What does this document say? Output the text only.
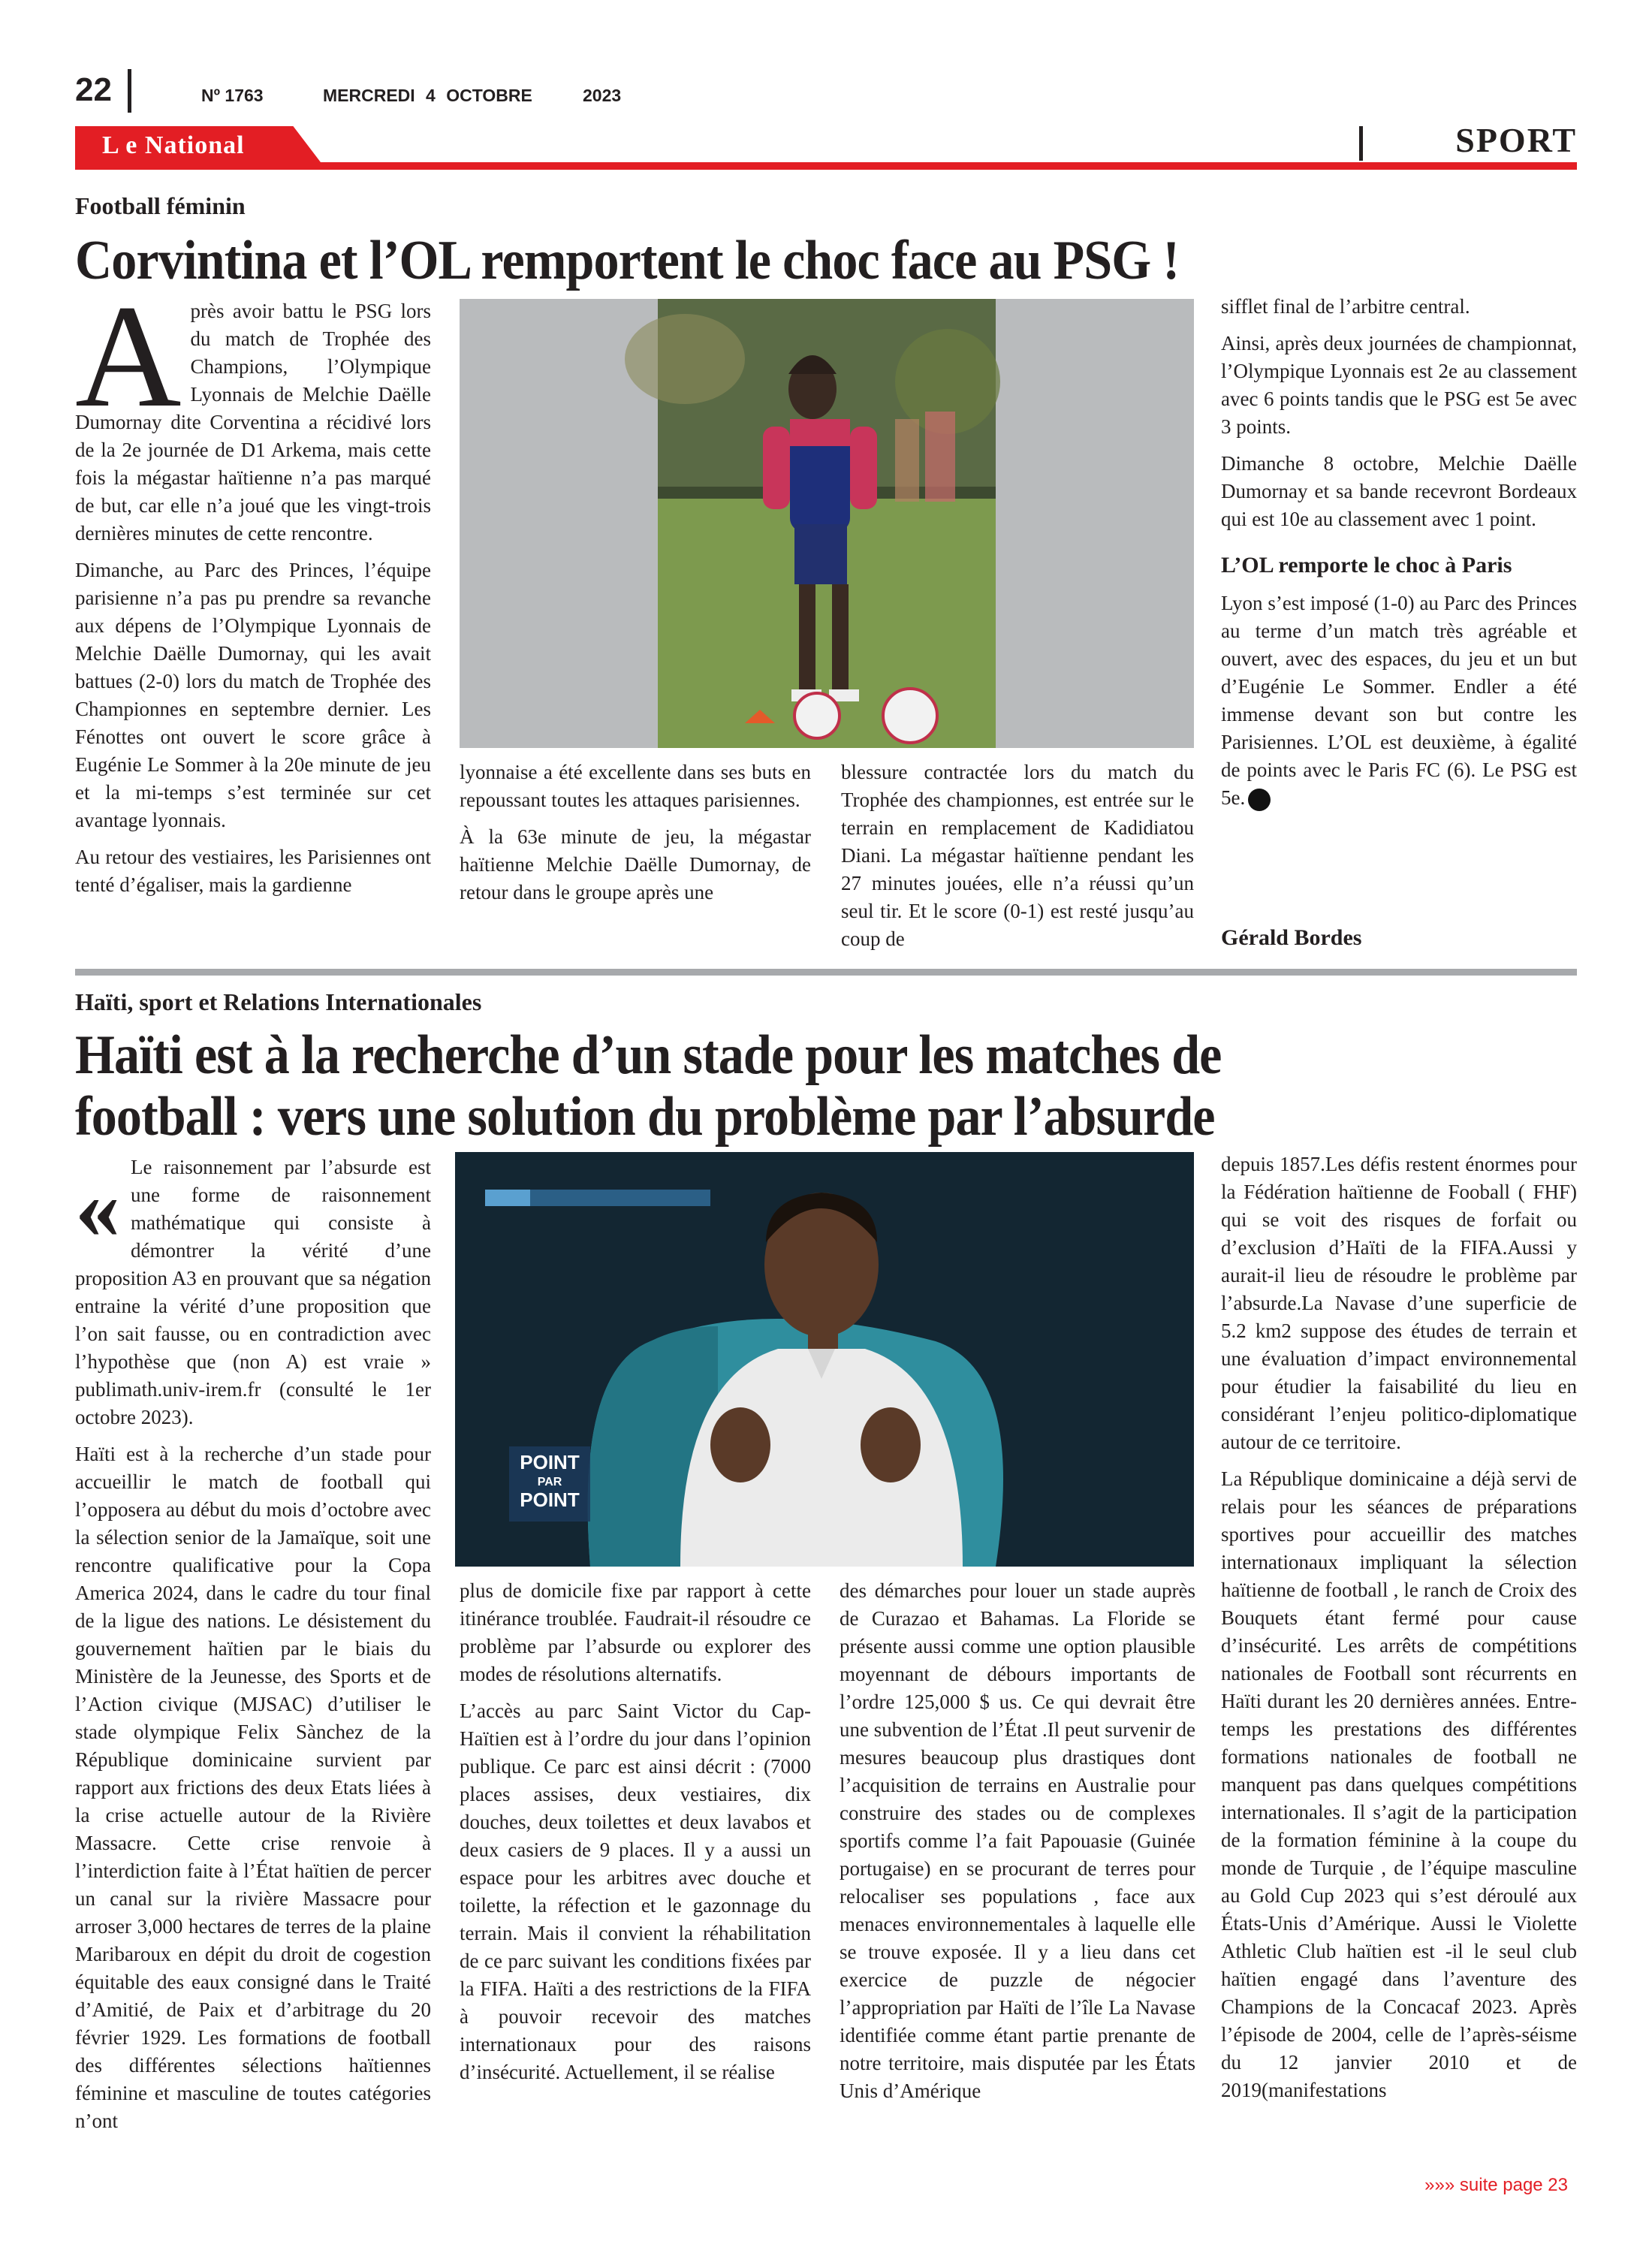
22	Nº 1763	MERCREDI 4 OCTOBRE	2023
L e National	SPORT
Football féminin
Corvintina et l’OL remportent le choc face au PSG !
A près avoir battu le PSG lors du match de Trophée des Champions, l’Olympique Lyonnais de Melchie Daëlle Dumornay dite Corventina a récidivé lors de la 2e journée de D1 Arkema, mais cette fois la mégastar haïtienne n’a pas marqué de but, car elle n’a joué que les vingt-trois dernières minutes de cette rencontre.

Dimanche, au Parc des Princes, l’équipe parisienne n’a pas pu prendre sa revanche aux dépens de l’Olympique Lyonnais de Melchie Daëlle Dumornay, qui les avait battues (2-0) lors du match de Trophée des Championnes en septembre dernier. Les Fénottes ont ouvert le score grâce à Eugénie Le Sommer à la 20e minute de jeu et la mi-temps s’est terminée sur cet avantage lyonnais.

Au retour des vestiaires, les Parisiennes ont tenté d’égaliser, mais la gardienne

lyonnaise a été excellente dans ses buts en repoussant toutes les attaques parisiennes.

À la 63e minute de jeu, la mégastar haïtienne Melchie Daëlle Dumornay, de retour dans le groupe après une

blessure contractée lors du match du Trophée des championnes, est entrée sur le terrain en remplacement de Kadidiatou Diani. La mégastar haïtienne pendant les 27 minutes jouées, elle n’a réussi qu’un seul tir. Et le score (0-1) est resté jusqu’au coup de

sifflet final de l’arbitre central.

Ainsi, après deux journées de championnat, l’Olympique Lyonnais est 2e au classement avec 6 points tandis que le PSG est 5e avec 3 points.

Dimanche 8 octobre, Melchie Daëlle Dumornay et sa bande recevront Bordeaux qui est 10e au classement avec 1 point.

L’OL remporte le choc à Paris

Lyon s’est imposé (1-0) au Parc des Princes au terme d’un match très agréable et ouvert, avec des espaces, du jeu et un but d’Eugénie Le Sommer. Endler a été immense devant son but contre les Parisiennes. L’OL est deuxième, à égalité de points avec le Paris FC (6). Le PSG est 5e.

Gérald Bordes
Haïti, sport et Relations Internationales
Haïti est à la recherche d’un stade pour les matches de
football : vers une solution du problème par l’absurde
« Le raisonnement par l’absurde est une forme de raisonnement mathématique qui consiste à démontrer la vérité d’une proposition A3 en prouvant que sa négation entraine la vérité d’une proposition que l’on sait fausse, ou en contradiction avec l’hypothèse que (non A) est vraie » publimath.univ-irem.fr (consulté le 1er octobre 2023).

Haïti est à la recherche d’un stade pour accueillir le match de football qui l’opposera au début du mois d’octobre avec la sélection senior de la Jamaïque, soit une rencontre qualificative pour la Copa America 2024, dans le cadre du tour final de la ligue des nations. Le désistement du gouvernement haïtien par le biais du Ministère de la Jeunesse, des Sports et de l’Action civique (MJSAC) d’utiliser le stade olympique Felix Sànchez de la République dominicaine survient par rapport aux frictions des deux Etats liées à la crise actuelle autour de la Rivière Massacre. Cette crise renvoie à l’interdiction faite à l’État haïtien de percer un canal sur la rivière Massacre pour arroser 3,000 hectares de terres de la plaine Maribaroux en dépit du droit de cogestion équitable des eaux consigné dans le Traité d’Amitié, de Paix et d’arbitrage du 20 février 1929. Les formations de football des différentes sélections haïtiennes féminine et masculine de toutes catégories n’ont

POINT
PAR
POINT

plus de domicile fixe par rapport à cette itinérance troublée. Faudrait-il résoudre ce problème par l’absurde ou explorer des modes de résolutions alternatifs.

L’accès au parc Saint Victor du Cap-Haïtien est à l’ordre du jour dans l’opinion publique. Ce parc est ainsi décrit : (7000 places assises, deux vestiaires, dix douches, deux toilettes et deux lavabos et deux casiers de 9 places. Il y a aussi un espace pour les arbitres avec douche et toilette, la réfection et le gazonnage du terrain. Mais il convient la réhabilitation de ce parc suivant les conditions fixées par la FIFA. Haïti a des restrictions de la FIFA à pouvoir recevoir des matches internationaux pour des raisons d’insécurité. Actuellement, il se réalise

des démarches pour louer un stade auprès de Curazao et Bahamas. La Floride se présente aussi comme une option plausible moyennant de débours importants de l’ordre 125,000 $ us. Ce qui devrait être une subvention de l’État .Il peut survenir de mesures beaucoup plus drastiques dont l’acquisition de terrains en Australie pour construire des stades ou de complexes sportifs comme l’a fait Papouasie (Guinée portugaise) en se procurant de terres pour relocaliser ses populations , face aux menaces environnementales à laquelle elle se trouve exposée. Il y a lieu dans cet exercice de puzzle de négocier l’appropriation par Haïti de l’île La Navase identifiée comme étant partie prenante de notre territoire, mais disputée par les États Unis d’Amérique

depuis 1857.Les défis restent énormes pour la Fédération haïtienne de Fooball ( FHF) qui se voit des risques de forfait ou d’exclusion d’Haïti de la FIFA.Aussi y aurait-il lieu de résoudre le problème par l’absurde.La Navase d’une superficie de 5.2 km2 suppose des études de terrain et une évaluation d’impact environnemental pour étudier la faisabilité du lieu en considérant l’enjeu politico-diplomatique autour de ce territoire.

La République dominicaine a déjà servi de relais pour les séances de préparations sportives pour accueillir des matches internationaux impliquant la sélection haïtienne de football , le ranch de Croix des Bouquets étant fermé pour cause d’insécurité. Les arrêts de compétitions nationales de Football sont récurrents en Haïti durant les 20 dernières années. Entre-temps les prestations des différentes formations nationales de football ne manquent pas dans quelques compétitions internationales. Il s’agit de la participation de la formation féminine à la coupe du monde de Turquie , de l’équipe masculine au Gold Cup 2023 qui s’est déroulé aux États-Unis d’Amérique. Aussi le Violette Athletic Club haïtien est -il le seul club haïtien engagé dans l’aventure des Champions de la Concacaf 2023. Après l’épisode de 2004, celle de l’après-séisme du 12 janvier 2010 et de 2019(manifestations

»»» suite page 23
